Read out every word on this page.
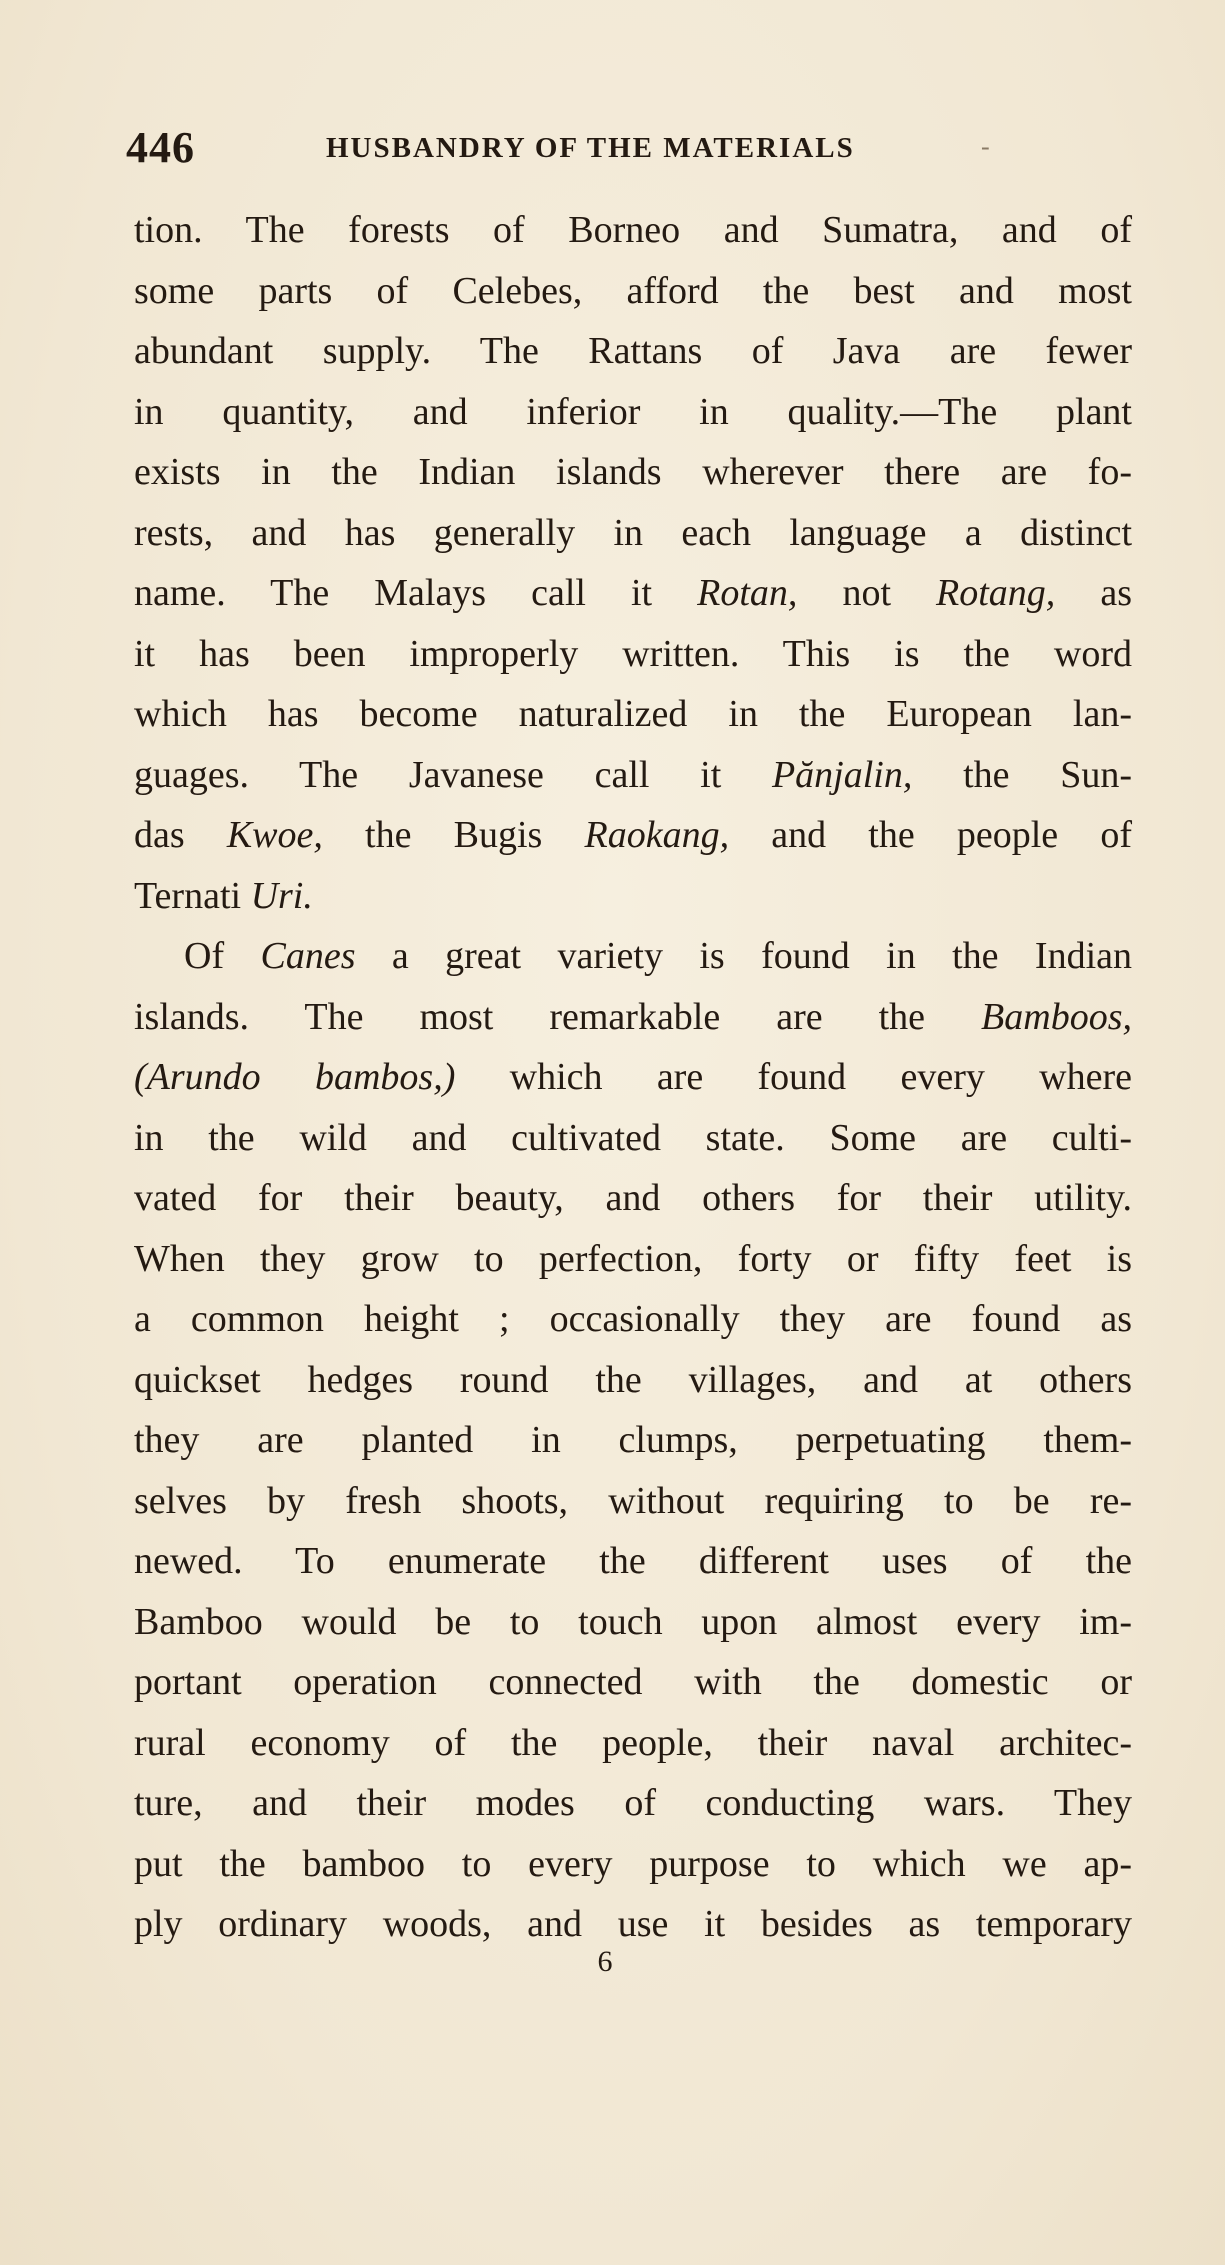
446	HUSBANDRY OF THE MATERIALS	-
tion. The forests of Borneo and Sumatra, and of
some parts of Celebes, afford the best and most
abundant supply. The Rattans of Java are fewer
in quantity, and inferior in quality.—The plant
exists in the Indian islands wherever there are fo-
rests, and has generally in each language a distinct
name. The Malays call it Rotan, not Rotang, as
it has been improperly written. This is the word
which has become naturalized in the European lan-
guages. The Javanese call it Pănjalin, the Sun-
das Kwoe, the Bugis Raokang, and the people of
Ternati Uri.
Of Canes a great variety is found in the Indian
islands. The most remarkable are the Bamboos,
(Arundo bambos,) which are found every where
in the wild and cultivated state. Some are culti-
vated for their beauty, and others for their utility.
When they grow to perfection, forty or fifty feet is
a common height ; occasionally they are found as
quickset hedges round the villages, and at others
they are planted in clumps, perpetuating them-
selves by fresh shoots, without requiring to be re-
newed. To enumerate the different uses of the
Bamboo would be to touch upon almost every im-
portant operation connected with the domestic or
rural economy of the people, their naval architec-
ture, and their modes of conducting wars. They
put the bamboo to every purpose to which we ap-
ply ordinary woods, and use it besides as temporary
6
